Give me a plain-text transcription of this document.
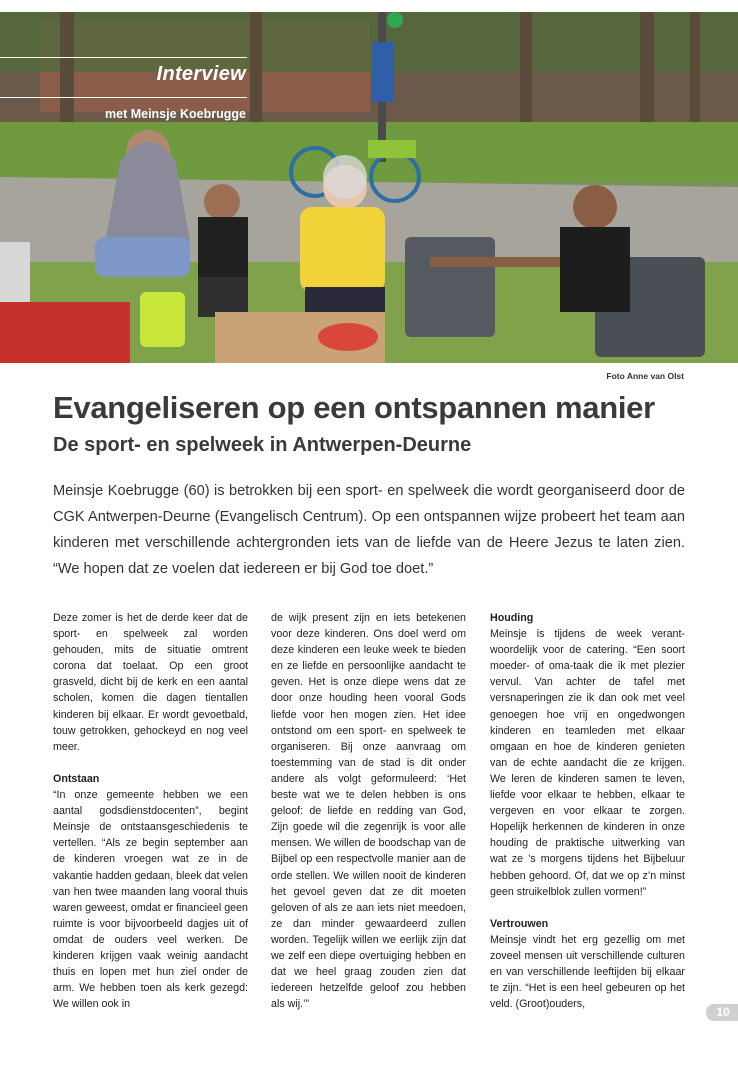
Interview
met Meinsje Koebrugge
Foto Anne van Olst
Evangeliseren op een ontspannen manier
De sport- en spelweek in Antwerpen-Deurne

Meinsje Koebrugge (60) is betrokken bij een sport- en spelweek die wordt georganiseerd door de CGK Antwerpen-Deurne (Evangelisch Centrum). Op een ontspannen wijze probeert het team aan kinderen met verschillende achtergronden iets van de liefde van de Heere Jezus te laten zien. “We hopen dat ze voelen dat iedereen er bij God toe doet.”

Deze zomer is het de derde keer dat de sport- en spelweek zal worden gehouden, mits de situatie omtrent corona dat toelaat. Op een groot grasveld, dicht bij de kerk en een aantal scholen, komen die dagen tientallen kinderen bij elkaar. Er wordt gevoetbald, touw getrokken, gehockeyd en nog veel meer.

Ontstaan

“In onze gemeente hebben we een aantal godsdienstdocenten”, begint Meinsje de ontstaansgeschiedenis te vertellen. “Als ze begin september aan de kinderen vroegen wat ze in de vakantie hadden gedaan, bleek dat velen van hen twee maanden lang vooral thuis waren geweest, omdat er financieel geen ruimte is voor bijvoorbeeld dagjes uit of omdat de ouders veel werken. De kinderen krijgen vaak weinig aandacht thuis en lopen met hun ziel onder de arm. We hebben toen als kerk gezegd: We willen ook in

de wijk present zijn en iets betekenen voor deze kinderen. Ons doel werd om deze kinderen een leuke week te bieden en ze liefde en persoonlijke aandacht te geven. Het is onze diepe wens dat ze door onze houding heen vooral Gods liefde voor hen mogen zien. Het idee ontstond om een sport- en spelweek te organiseren. Bij onze aanvraag om toestemming van de stad is dit onder andere als volgt geformuleerd: ‘Het beste wat we te delen hebben is ons geloof: de liefde en redding van God, Zijn goede wil die zegenrijk is voor alle mensen. We willen de boodschap van de Bijbel op een respectvolle manier aan de orde stellen. We willen nooit de kinderen het gevoel geven dat ze dit moeten geloven of als ze aan iets niet meedoen, ze dan minder gewaardeerd zullen worden. Tegelijk willen we eerlijk zijn dat we zelf een diepe overtuiging hebben en dat we heel graag zouden zien dat iedereen hetzelfde geloof zou hebben als wij.’”

Houding

Meinsje is tijdens de week verant-woordelijk voor de catering. “Een soort moeder- of oma-taak die ik met plezier vervul. Van achter de tafel met versnaperingen zie ik dan ook met veel genoegen hoe vrij en ongedwongen kinderen en teamleden met elkaar omgaan en hoe de kinderen genieten van de echte aandacht die ze krijgen. We leren de kinderen samen te leven, liefde voor elkaar te hebben, elkaar te vergeven en voor elkaar te zorgen. Hopelijk herkennen de kinderen in onze houding de praktische uitwerking van wat ze ’s morgens tijdens het Bijbeluur hebben gehoord. Of, dat we op z’n minst geen struikelblok zullen vormen!”

Vertrouwen

Meinsje vindt het erg gezellig om met zoveel mensen uit verschillende culturen en van verschillende leeftijden bij elkaar te zijn. “Het is een heel gebeuren op het veld. (Groot)ouders,

10
